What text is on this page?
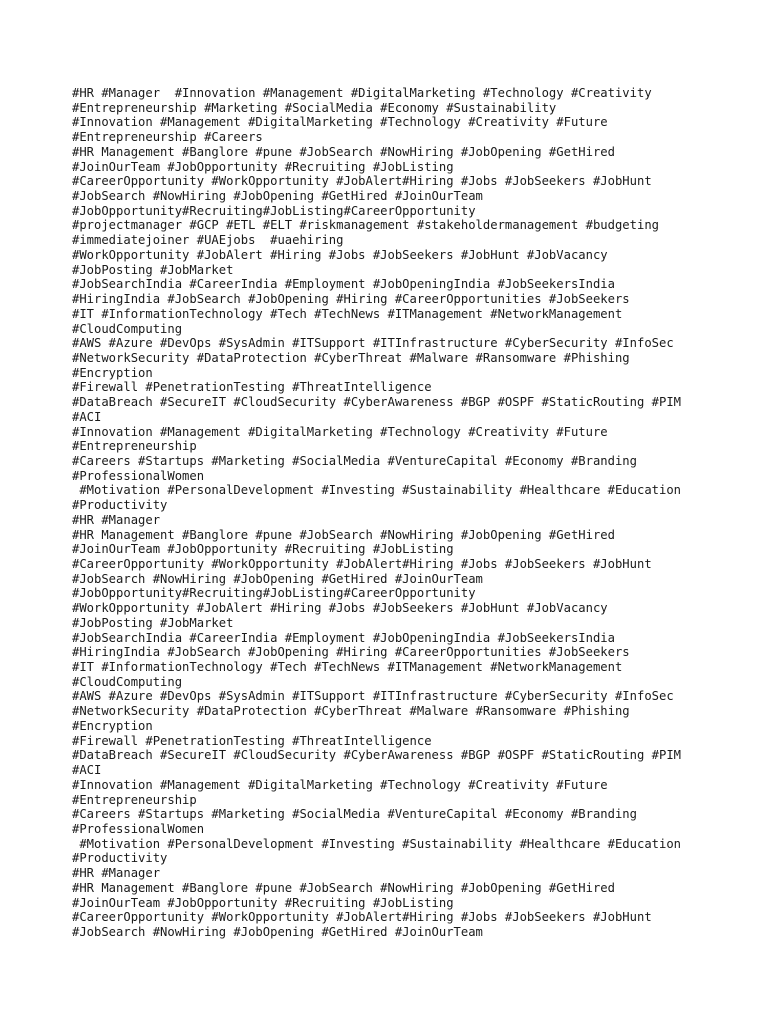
#HR #Manager  #Innovation #Management #DigitalMarketing #Technology #Creativity
#Entrepreneurship #Marketing #SocialMedia #Economy #Sustainability
#Innovation #Management #DigitalMarketing #Technology #Creativity #Future
#Entrepreneurship #Careers
#HR Management #Banglore #pune #JobSearch #NowHiring #JobOpening #GetHired
#JoinOurTeam #JobOpportunity #Recruiting #JobListing
#CareerOpportunity #WorkOpportunity #JobAlert#Hiring #Jobs #JobSeekers #JobHunt
#JobSearch #NowHiring #JobOpening #GetHired #JoinOurTeam
#JobOpportunity#Recruiting#JobListing#CareerOpportunity
#projectmanager #GCP #ETL #ELT #riskmanagement #stakeholdermanagement #budgeting
#immediatejoiner #UAEjobs  #uaehiring
#WorkOpportunity #JobAlert #Hiring #Jobs #JobSeekers #JobHunt #JobVacancy
#JobPosting #JobMarket
#JobSearchIndia #CareerIndia #Employment #JobOpeningIndia #JobSeekersIndia
#HiringIndia #JobSearch #JobOpening #Hiring #CareerOpportunities #JobSeekers
#IT #InformationTechnology #Tech #TechNews #ITManagement #NetworkManagement
#CloudComputing
#AWS #Azure #DevOps #SysAdmin #ITSupport #ITInfrastructure #CyberSecurity #InfoSec
#NetworkSecurity #DataProtection #CyberThreat #Malware #Ransomware #Phishing
#Encryption
#Firewall #PenetrationTesting #ThreatIntelligence
#DataBreach #SecureIT #CloudSecurity #CyberAwareness #BGP #OSPF #StaticRouting #PIM
#ACI
#Innovation #Management #DigitalMarketing #Technology #Creativity #Future
#Entrepreneurship
#Careers #Startups #Marketing #SocialMedia #VentureCapital #Economy #Branding
#ProfessionalWomen
#Motivation #PersonalDevelopment #Investing #Sustainability #Healthcare #Education
#Productivity
#HR #Manager
#HR Management #Banglore #pune #JobSearch #NowHiring #JobOpening #GetHired
#JoinOurTeam #JobOpportunity #Recruiting #JobListing
#CareerOpportunity #WorkOpportunity #JobAlert#Hiring #Jobs #JobSeekers #JobHunt
#JobSearch #NowHiring #JobOpening #GetHired #JoinOurTeam
#JobOpportunity#Recruiting#JobListing#CareerOpportunity
#WorkOpportunity #JobAlert #Hiring #Jobs #JobSeekers #JobHunt #JobVacancy
#JobPosting #JobMarket
#JobSearchIndia #CareerIndia #Employment #JobOpeningIndia #JobSeekersIndia
#HiringIndia #JobSearch #JobOpening #Hiring #CareerOpportunities #JobSeekers
#IT #InformationTechnology #Tech #TechNews #ITManagement #NetworkManagement
#CloudComputing
#AWS #Azure #DevOps #SysAdmin #ITSupport #ITInfrastructure #CyberSecurity #InfoSec
#NetworkSecurity #DataProtection #CyberThreat #Malware #Ransomware #Phishing
#Encryption
#Firewall #PenetrationTesting #ThreatIntelligence
#DataBreach #SecureIT #CloudSecurity #CyberAwareness #BGP #OSPF #StaticRouting #PIM
#ACI
#Innovation #Management #DigitalMarketing #Technology #Creativity #Future
#Entrepreneurship
#Careers #Startups #Marketing #SocialMedia #VentureCapital #Economy #Branding
#ProfessionalWomen
#Motivation #PersonalDevelopment #Investing #Sustainability #Healthcare #Education
#Productivity
#HR #Manager
#HR Management #Banglore #pune #JobSearch #NowHiring #JobOpening #GetHired
#JoinOurTeam #JobOpportunity #Recruiting #JobListing
#CareerOpportunity #WorkOpportunity #JobAlert#Hiring #Jobs #JobSeekers #JobHunt
#JobSearch #NowHiring #JobOpening #GetHired #JoinOurTeam
